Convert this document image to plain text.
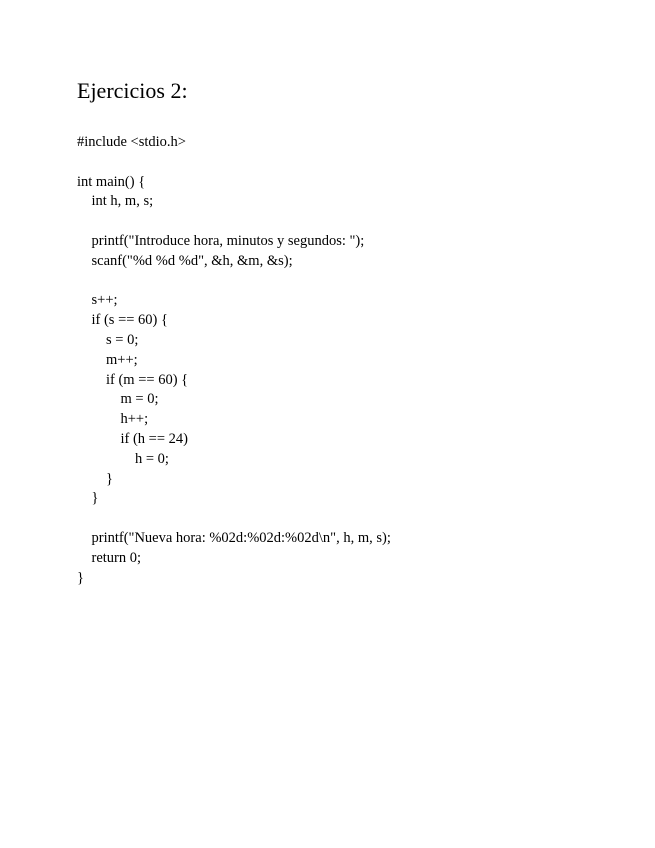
Ejercicios 2:
#include <stdio.h>
int main() {
int h, m, s;
printf("Introduce hora, minutos y segundos: ");
scanf("%d %d %d", &h, &m, &s);
s++;
if (s == 60) {
s = 0;
m++;
if (m == 60) {
m = 0;
h++;
if (h == 24)
h = 0;
}
}
printf("Nueva hora: %02d:%02d:%02d\n", h, m, s);
return 0;
}
